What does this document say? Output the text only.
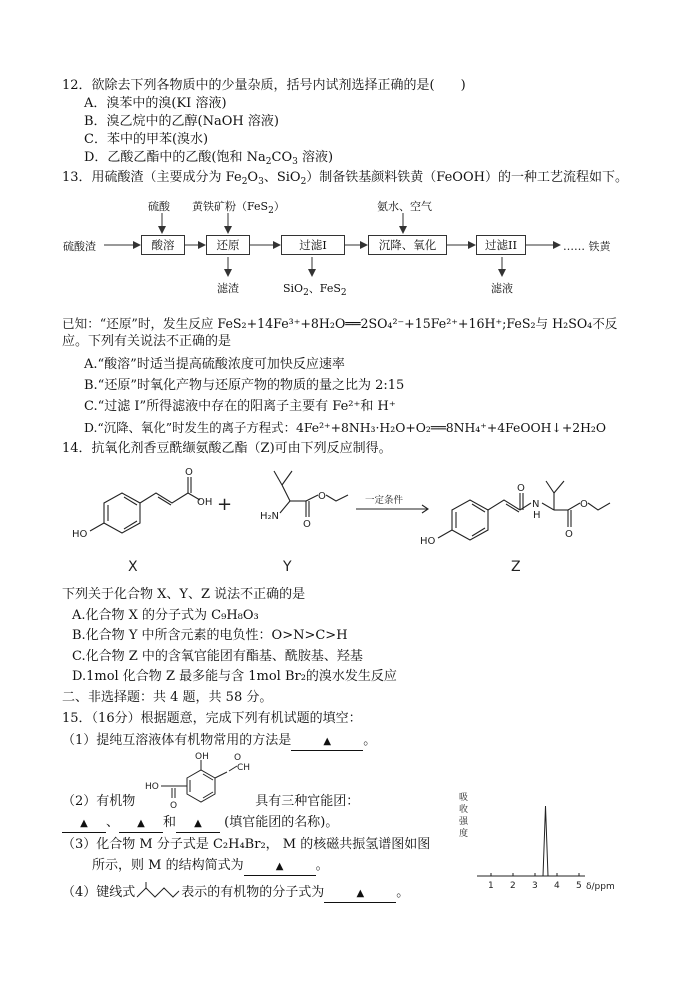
12．欲除去下列各物质中的少量杂质，括号内试剂选择正确的是(　　)
A．溴苯中的溴(KI 溶液)
B．溴乙烷中的乙醇(NaOH 溶液)
C．苯中的甲苯(溴水)
D．乙酸乙酯中的乙酸(饱和 $Na_2CO_3$ 溶液)
13．用硫酸渣（主要成分为 $Fe_2O_3$、SiO$_2$）制备铁基颜料铁黄（FeOOH）的一种工艺流程如下。
硫酸渣	酸溶	还原	过滤I	沉降、氧化	过滤II	…… 铁黄
硫酸 黄铁矿粉（FeS$_2$）	氨水、空气
滤渣	SiO$_2$、FeS$_2$	滤液
已知：“还原”时，发生反应 FeS₂+14Fe³⁺+8H₂O══2SO₄²⁻+15Fe²⁺+16H⁺;FeS₂与 H₂SO₄不反
应。下列有关说法不正确的是
A.“酸溶”时适当提高硫酸浓度可加快反应速率
B.“还原”时氧化产物与还原产物的物质的量之比为 2:15
C.“过滤 I”所得滤液中存在的阳离子主要有 Fe²⁺和 H⁺
D.“沉降、氧化”时发生的离子方程式：4Fe²⁺+8NH₃·H₂O+O₂══8NH₄⁺+4FeOOH↓+2H₂O
14．抗氧化剂香豆酰缬氨酸乙酯（Z)可由下列反应制得。
OH
O
HO
H₂N
O
O
HO
O
N
H
O
O
一定条件
+
X	Y	Z
下列关于化合物 X、Y、Z 说法不正确的是
A.化合物 X 的分子式为 C₉H₈O₃
B.化合物 Y 中所含元素的电负性：O>N>C>H
C.化合物 Z 中的含氧官能团有酯基、酰胺基、羟基
D.1mol 化合物 Z 最多能与含 1mol Br₂的溴水发生反应
二、非选择题：共 4 题，共 58 分。
15．（16分）根据题意，完成下列有机试题的填空：
（1）提纯互溶液体有机物常用的方法是	▲ 。
HO
OH
O
CH
O
（2）有机物	具有三种官能团：
▲ 、 ▲ 和 ▲ (填官能团的名称)。
（3）化合物 M 分子式是 C₂H₄Br₂， M 的核磁共振氢谱图如图
所示，则 M 的结构简式为	▲ 。
（4）键线式	表示的有机物的分子式为	▲ 。
吸
收
强
度
1 2 3 4 5 δ/ppm
